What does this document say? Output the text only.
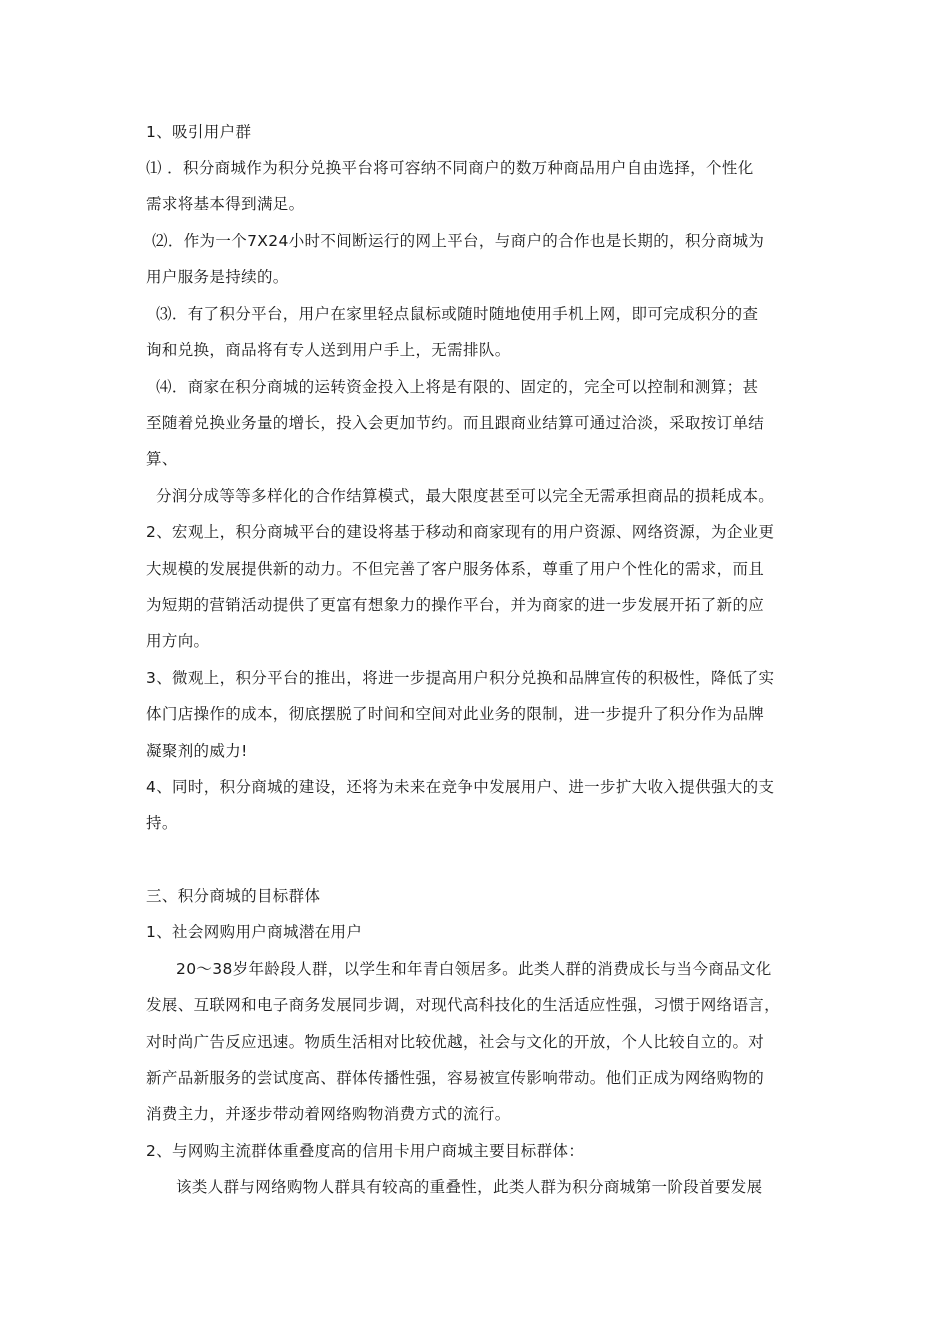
1、吸引用户群
⑴ ．积分商城作为积分兑换平台将可容纳不同商户的数万种商品用户自由选择，个性化
需求将基本得到满足。
⑵．作为一个7X24小时不间断运行的网上平台，与商户的合作也是长期的，积分商城为
用户服务是持续的。
⑶．有了积分平台，用户在家里轻点鼠标或随时随地使用手机上网，即可完成积分的查
询和兑换，商品将有专人送到用户手上，无需排队。
⑷．商家在积分商城的运转资金投入上将是有限的、固定的，完全可以控制和测算；甚
至随着兑换业务量的增长，投入会更加节约。而且跟商业结算可通过洽淡，采取按订单结
算、
分润分成等等多样化的合作结算模式，最大限度甚至可以完全无需承担商品的损耗成本。
2、宏观上，积分商城平台的建设将基于移动和商家现有的用户资源、网络资源，为企业更
大规模的发展提供新的动力。不但完善了客户服务体系，尊重了用户个性化的需求，而且
为短期的营销活动提供了更富有想象力的操作平台，并为商家的进一步发展开拓了新的应
用方向。
3、微观上，积分平台的推出，将进一步提高用户积分兑换和品牌宣传的积极性，降低了实
体门店操作的成本，彻底摆脱了时间和空间对此业务的限制，进一步提升了积分作为品牌
凝聚剂的威力!
4、同时，积分商城的建设，还将为未来在竞争中发展用户、进一步扩大收入提供强大的支
持。
三、积分商城的目标群体
1、社会网购用户商城潜在用户
20〜38岁年龄段人群，以学生和年青白领居多。此类人群的消费成长与当今商品文化
发展、互联网和电子商务发展同步调，对现代高科技化的生活适应性强，习惯于网络语言，
对时尚广告反应迅速。物质生活相对比较优越，社会与文化的开放，个人比较自立的。对
新产品新服务的尝试度高、群体传播性强，容易被宣传影响带动。他们正成为网络购物的
消费主力，并逐步带动着网络购物消费方式的流行。
2、与网购主流群体重叠度高的信用卡用户商城主要目标群体：
该类人群与网络购物人群具有较高的重叠性，此类人群为积分商城第一阶段首要发展
